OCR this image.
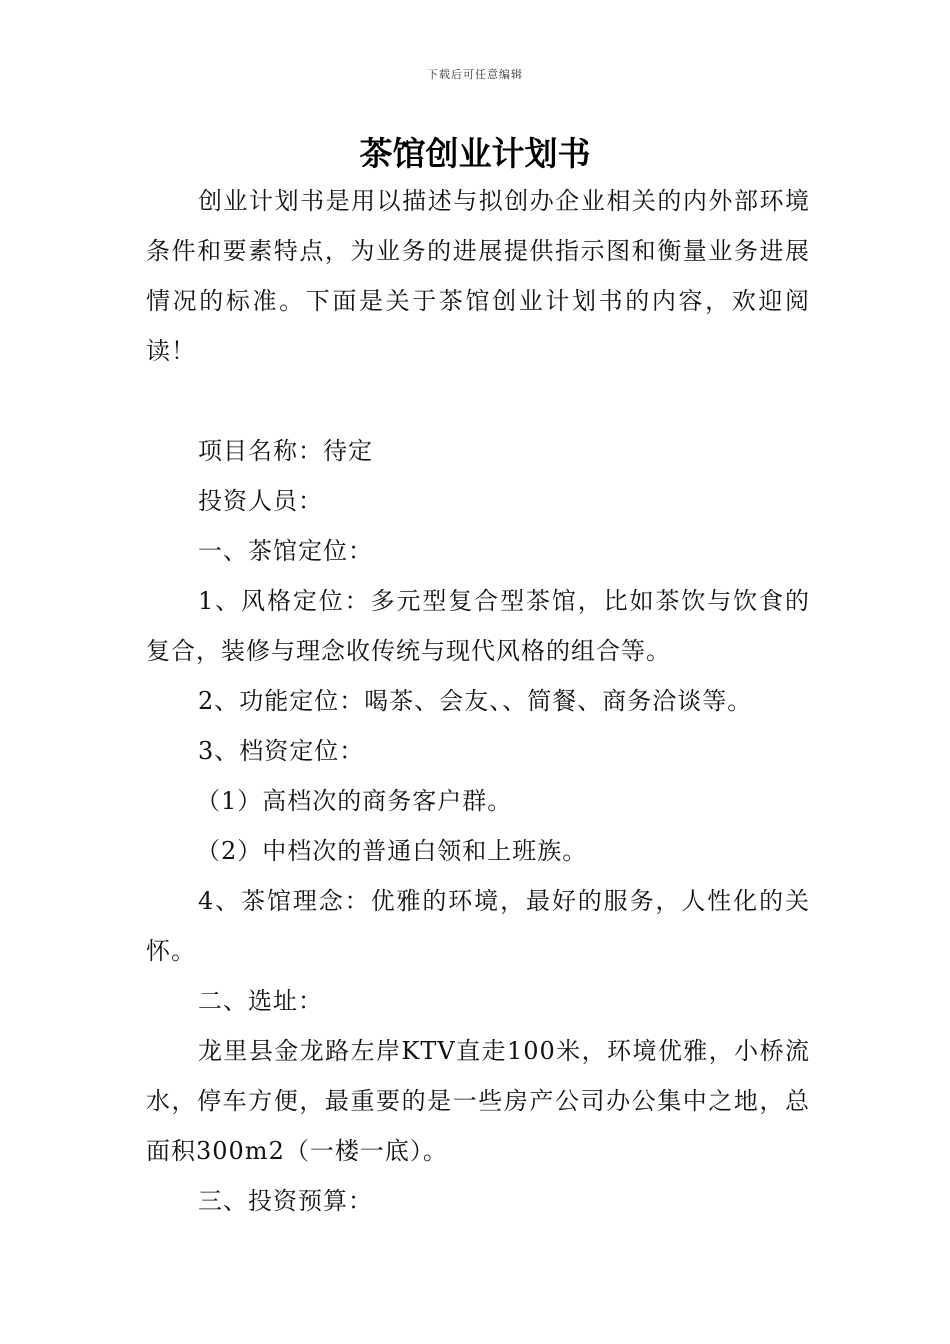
下载后可任意编辑
茶馆创业计划书

创业计划书是用以描述与拟创办企业相关的内外部环境条件和要素特点，为业务的进展提供指示图和衡量业务进展情况的标准。下面是关于茶馆创业计划书的内容，欢迎阅读！

项目名称：待定

投资人员：

一、茶馆定位：

1、风格定位：多元型复合型茶馆，比如茶饮与饮食的复合，装修与理念收传统与现代风格的组合等。

2、功能定位：喝茶、会友、、简餐、商务洽谈等。

3、档资定位：

（1）高档次的商务客户群。

（2）中档次的普通白领和上班族。

4、茶馆理念：优雅的环境，最好的服务，人性化的关怀。

二、选址：

龙里县金龙路左岸KTV直走100米，环境优雅，小桥流水，停车方便，最重要的是一些房产公司办公集中之地，总面积300m2（一楼一底）。

三、投资预算：
